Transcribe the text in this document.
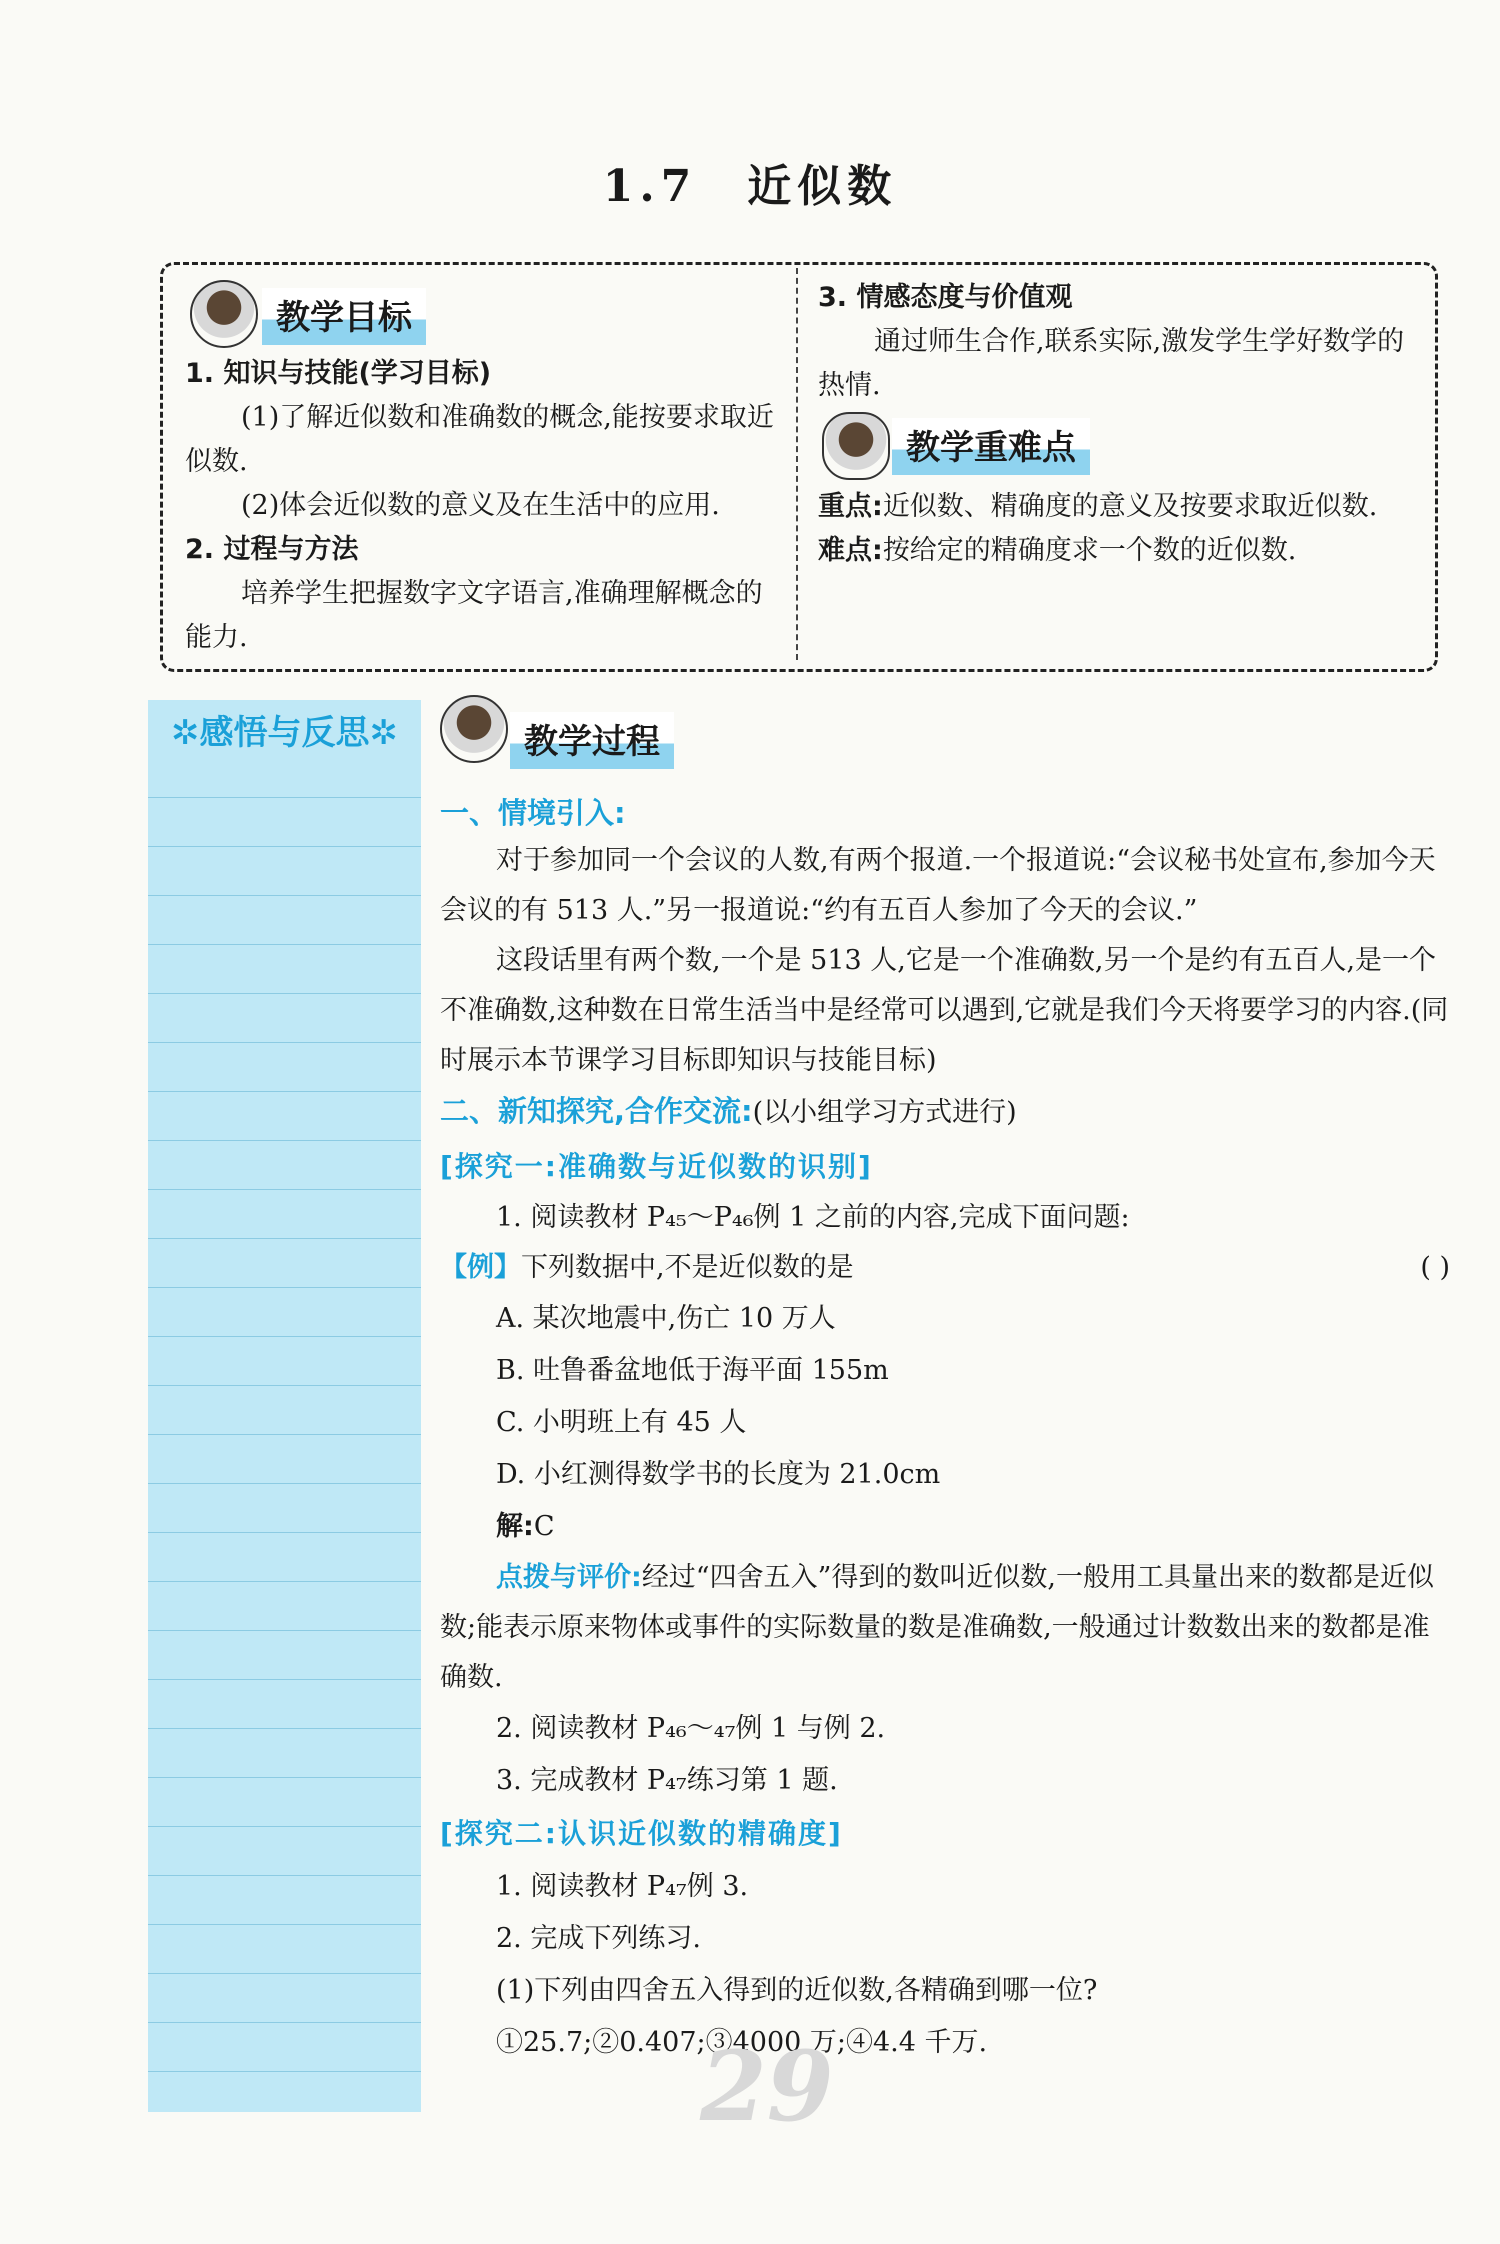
1.7 近似数
教学目标
1. 知识与技能(学习目标)
(1)了解近似数和准确数的概念,能按要求取近似数.
(2)体会近似数的意义及在生活中的应用.
2. 过程与方法
培养学生把握数字文字语言,准确理解概念的能力.
3. 情感态度与价值观
通过师生合作,联系实际,激发学生学好数学的热情.
教学重难点
重点:近似数、精确度的意义及按要求取近似数.
难点:按给定的精确度求一个数的近似数.
✲感悟与反思✲	教学过程
一、情境引入:
对于参加同一个会议的人数,有两个报道.一个报道说:“会议秘书处宣布,参加今天会议的有 513 人.”另一报道说:“约有五百人参加了今天的会议.”
这段话里有两个数,一个是 513 人,它是一个准确数,另一个是约有五百人,是一个不准确数,这种数在日常生活当中是经常可以遇到,它就是我们今天将要学习的内容.(同时展示本节课学习目标即知识与技能目标)
二、新知探究,合作交流:(以小组学习方式进行)
[探究一:准确数与近似数的识别]
1. 阅读教材 P₄₅～P₄₆例 1 之前的内容,完成下面问题:
【例】下列数据中,不是近似数的是	( )
A. 某次地震中,伤亡 10 万人
B. 吐鲁番盆地低于海平面 155m
C. 小明班上有 45 人
D. 小红测得数学书的长度为 21.0cm
解:C
点拨与评价:经过“四舍五入”得到的数叫近似数,一般用工具量出来的数都是近似数;能表示原来物体或事件的实际数量的数是准确数,一般通过计数数出来的数都是准确数.
2. 阅读教材 P₄₆～₄₇例 1 与例 2.
3. 完成教材 P₄₇练习第 1 题.
[探究二:认识近似数的精确度]
1. 阅读教材 P₄₇例 3.
2. 完成下列练习.
(1)下列由四舍五入得到的近似数,各精确到哪一位?
①25.7;②0.407;③4000 万;④4.4 千万.
29
